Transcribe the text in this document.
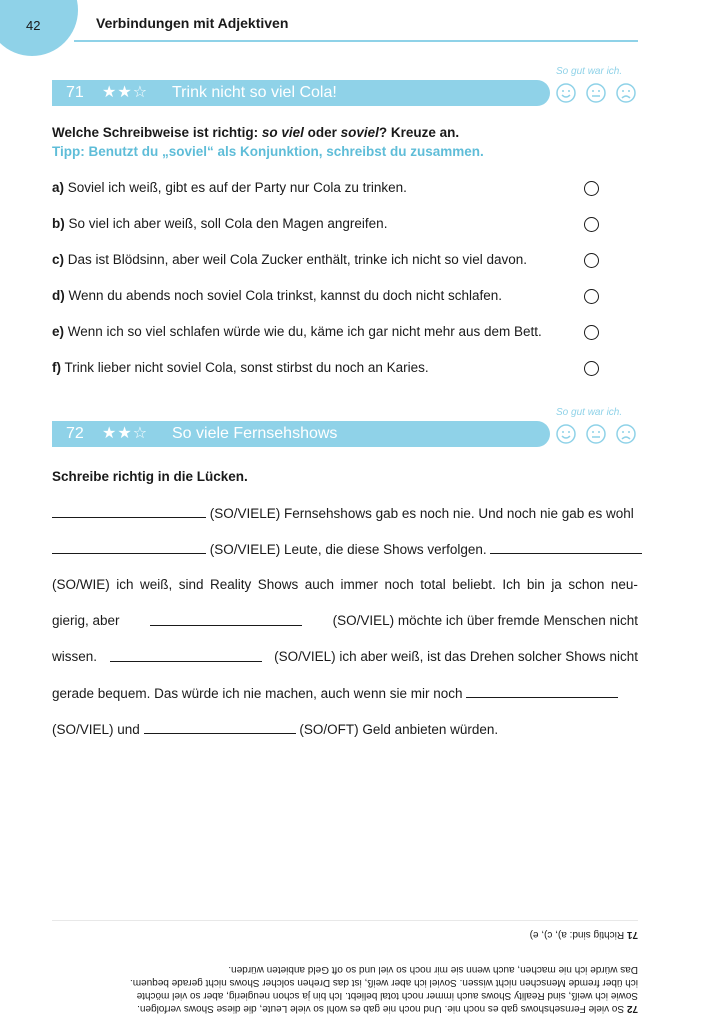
42	Verbindungen mit Adjektiven
So gut war ich.
71 ★★☆ Trink nicht so viel Cola!
Welche Schreibweise ist richtig: so viel oder soviel? Kreuze an.
Tipp: Benutzt du „soviel“ als Konjunktion, schreibst du zusammen.
a) Soviel ich weiß, gibt es auf der Party nur Cola zu trinken.
b) So viel ich aber weiß, soll Cola den Magen angreifen.
c) Das ist Blödsinn, aber weil Cola Zucker enthält, trinke ich nicht so viel davon.
d) Wenn du abends noch soviel Cola trinkst, kannst du doch nicht schlafen.
e) Wenn ich so viel schlafen würde wie du, käme ich gar nicht mehr aus dem Bett.
f) Trink lieber nicht soviel Cola, sonst stirbst du noch an Karies.
So gut war ich.
72 ★★☆ So viele Fernsehshows
Schreibe richtig in die Lücken.
(SO/VIELE) Fernsehshows gab es noch nie. Und noch nie gab es wohl
(SO/VIELE) Leute, die diese Shows verfolgen.
(SO/WIE) ich weiß, sind Reality Shows auch immer noch total beliebt. Ich bin ja schon neu-
gierig, aber	(SO/VIEL) möchte ich über fremde Menschen nicht
wissen.	(SO/VIEL) ich aber weiß, ist das Drehen solcher Shows nicht
gerade bequem. Das würde ich nie machen, auch wenn sie mir noch
(SO/VIEL) und	(SO/OFT) Geld anbieten würden.

72 So viele Fernsehshows gab es noch nie. Und noch nie gab es wohl so viele Leute, die diese Shows verfolgen.

Sowie ich weiß, sind Reality Shows auch immer noch total beliebt. Ich bin ja schon neugierig, aber so viel möchte

ich über fremde Menschen nicht wissen. Soviel ich aber weiß, ist das Drehen solcher Shows nicht gerade bequem.

Das würde ich nie machen, auch wenn sie mir noch so viel und so oft Geld anbieten würden.

71 Richtig sind: a), c), e)
